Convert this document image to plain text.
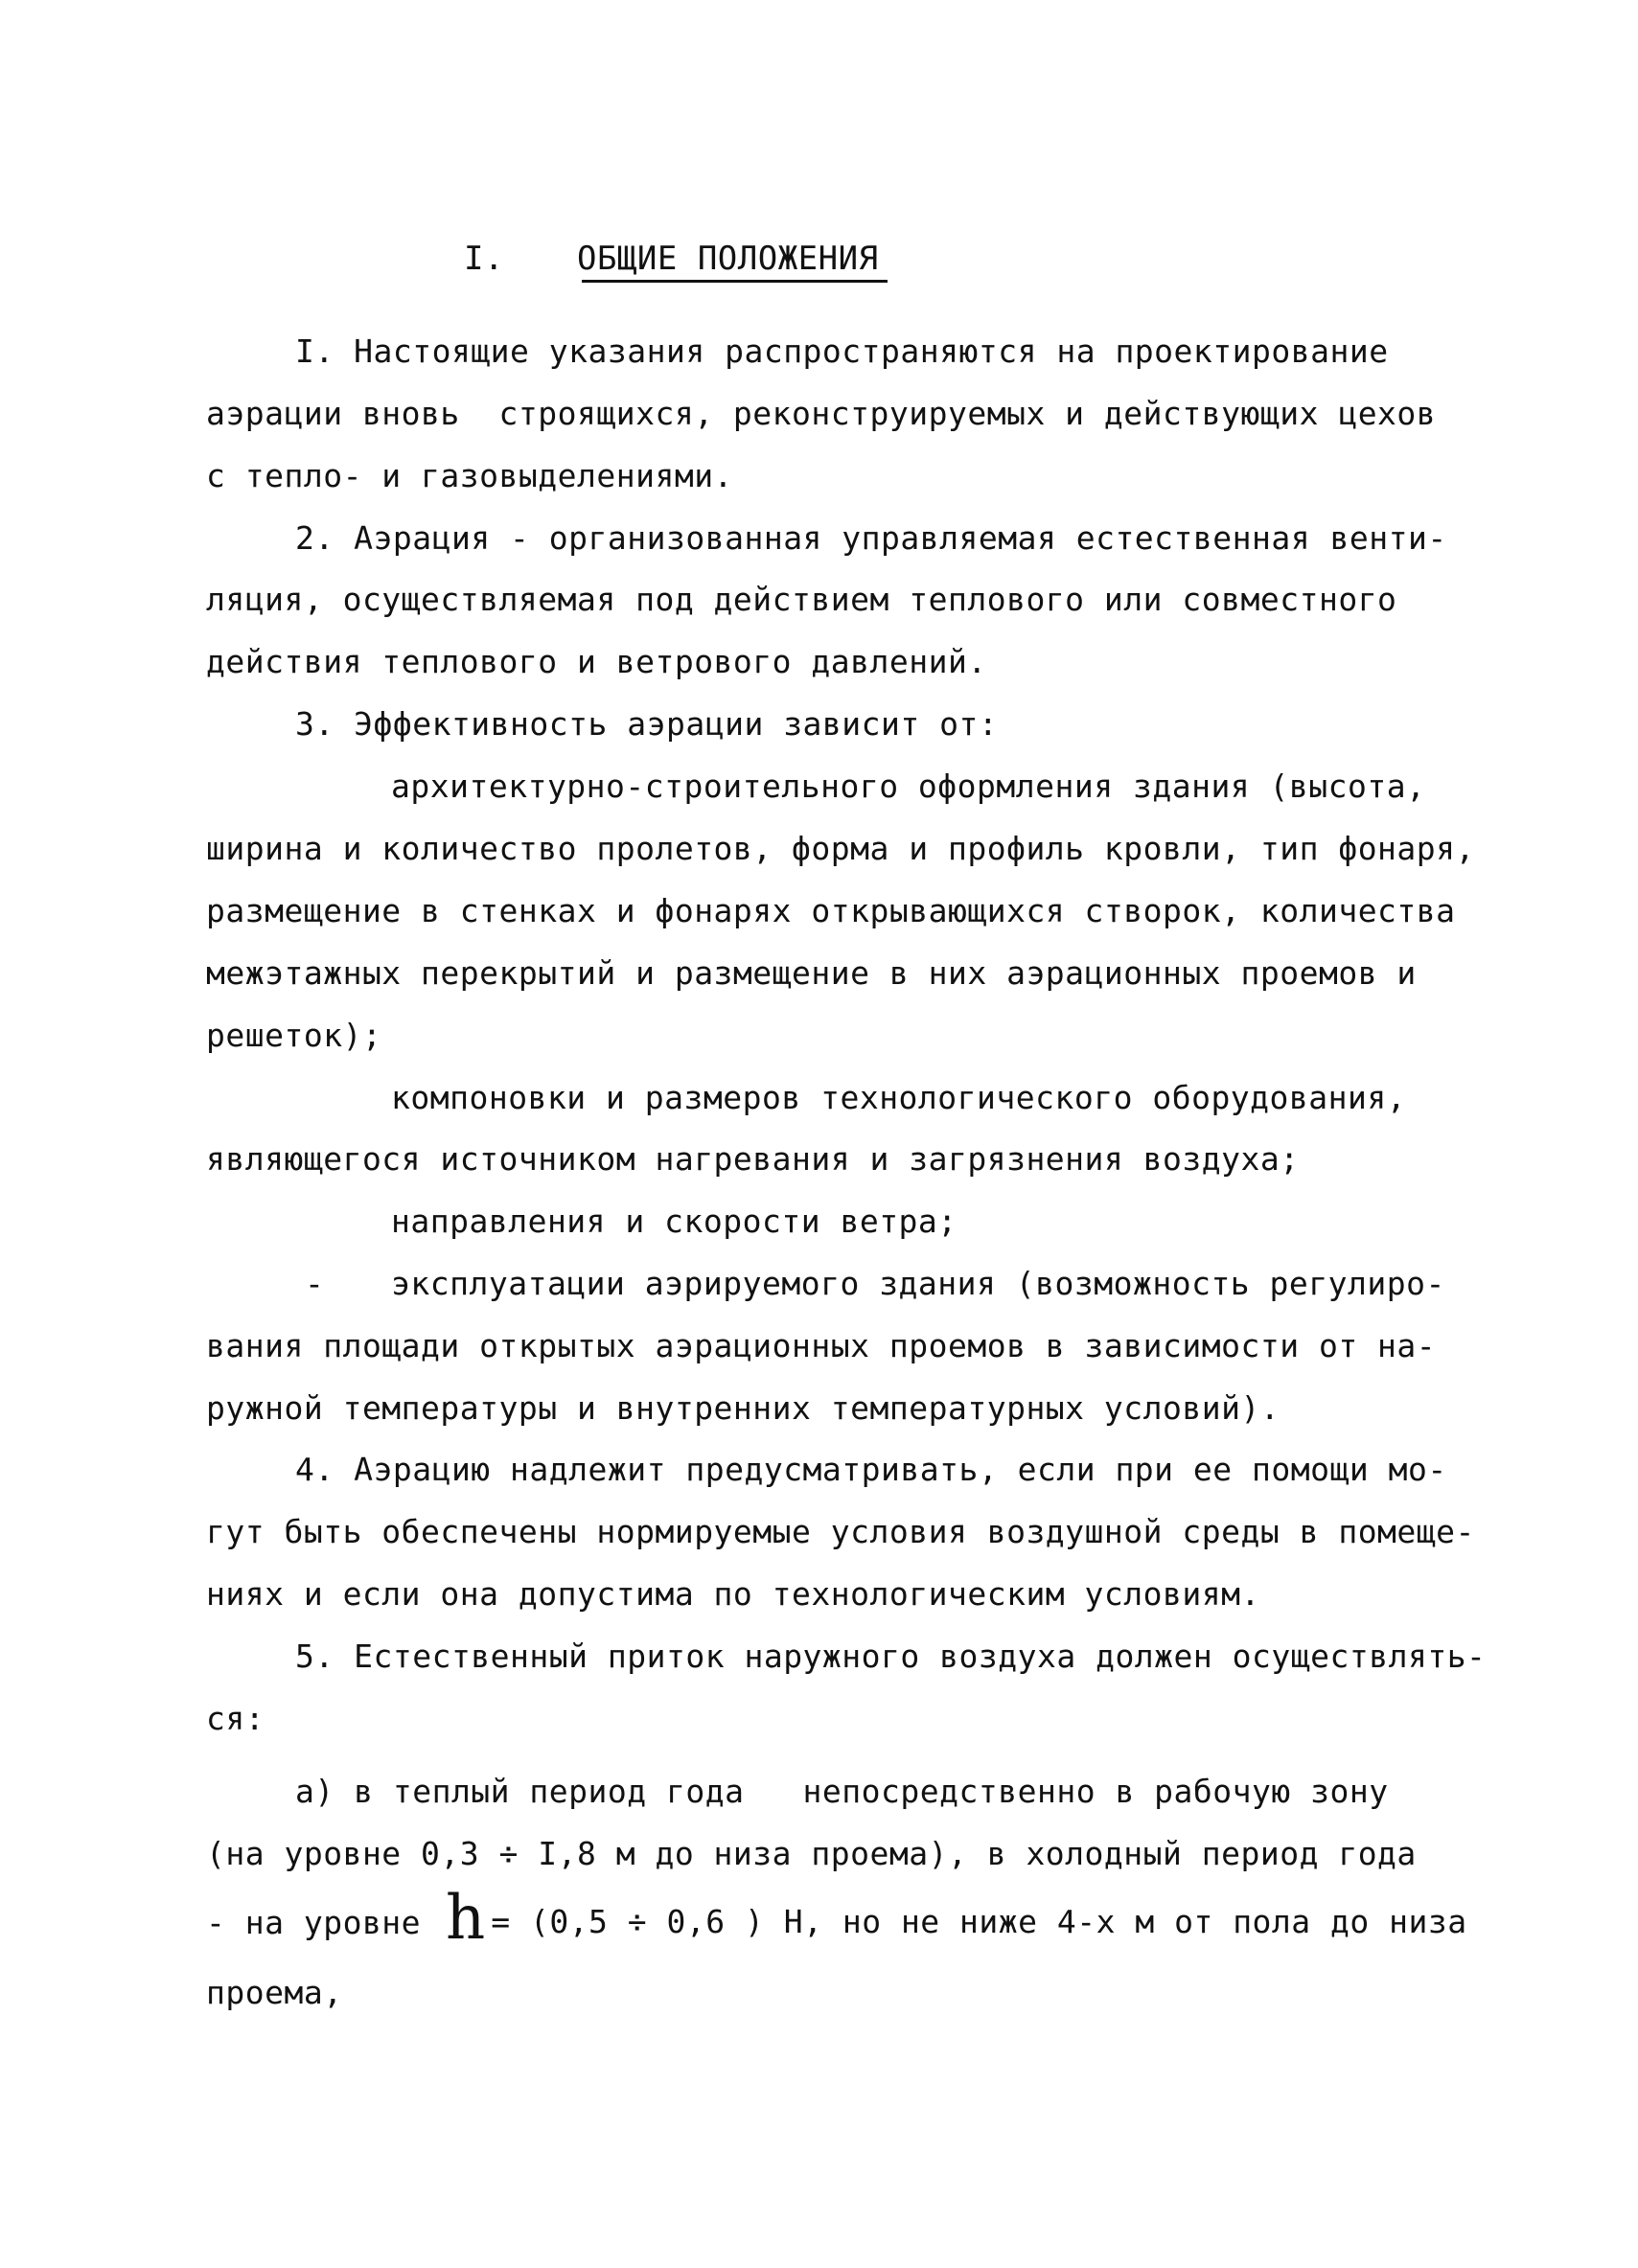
I. ОБЩИЕ ПОЛОЖЕНИЯ
I. Настоящие указания распространяются на проектирование
аэрации вновь  строящихся, реконструируемых и действующих цехов
с тепло- и газовыделениями.
2. Аэрация - организованная управляемая естественная венти-
ляция, осуществляемая под действием теплового или совместного
действия теплового и ветрового давлений.
3. Эффективность аэрации зависит от:
архитектурно-строительного оформления здания (высота,
ширина и количество пролетов, форма и профиль кровли, тип фонаря,
размещение в стенках и фонарях открывающихся створок, количества
межэтажных перекрытий и размещение в них аэрационных проемов и
решеток);
компоновки и размеров технологического оборудования,
являющегося источником нагревания и загрязнения воздуха;
направления и скорости ветра;
- эксплуатации аэрируемого здания (возможность регулиро-
вания площади открытых аэрационных проемов в зависимости от на-
ружной температуры и внутренних температурных условий).
4. Аэрацию надлежит предусматривать, если при ее помощи мо-
гут быть обеспечены нормируемые условия воздушной среды в помеще-
ниях и если она допустима по технологическим условиям.
5. Естественный приток наружного воздуха должен осуществлять-
ся:
а) в теплый период года   непосредственно в рабочую зону
(на уровне 0,3 ÷ I,8 м до низа проема), в холодный период года
- на уровне h = (0,5 ÷ 0,6 ) Н, но не ниже 4-х м от пола до низа
проема,
